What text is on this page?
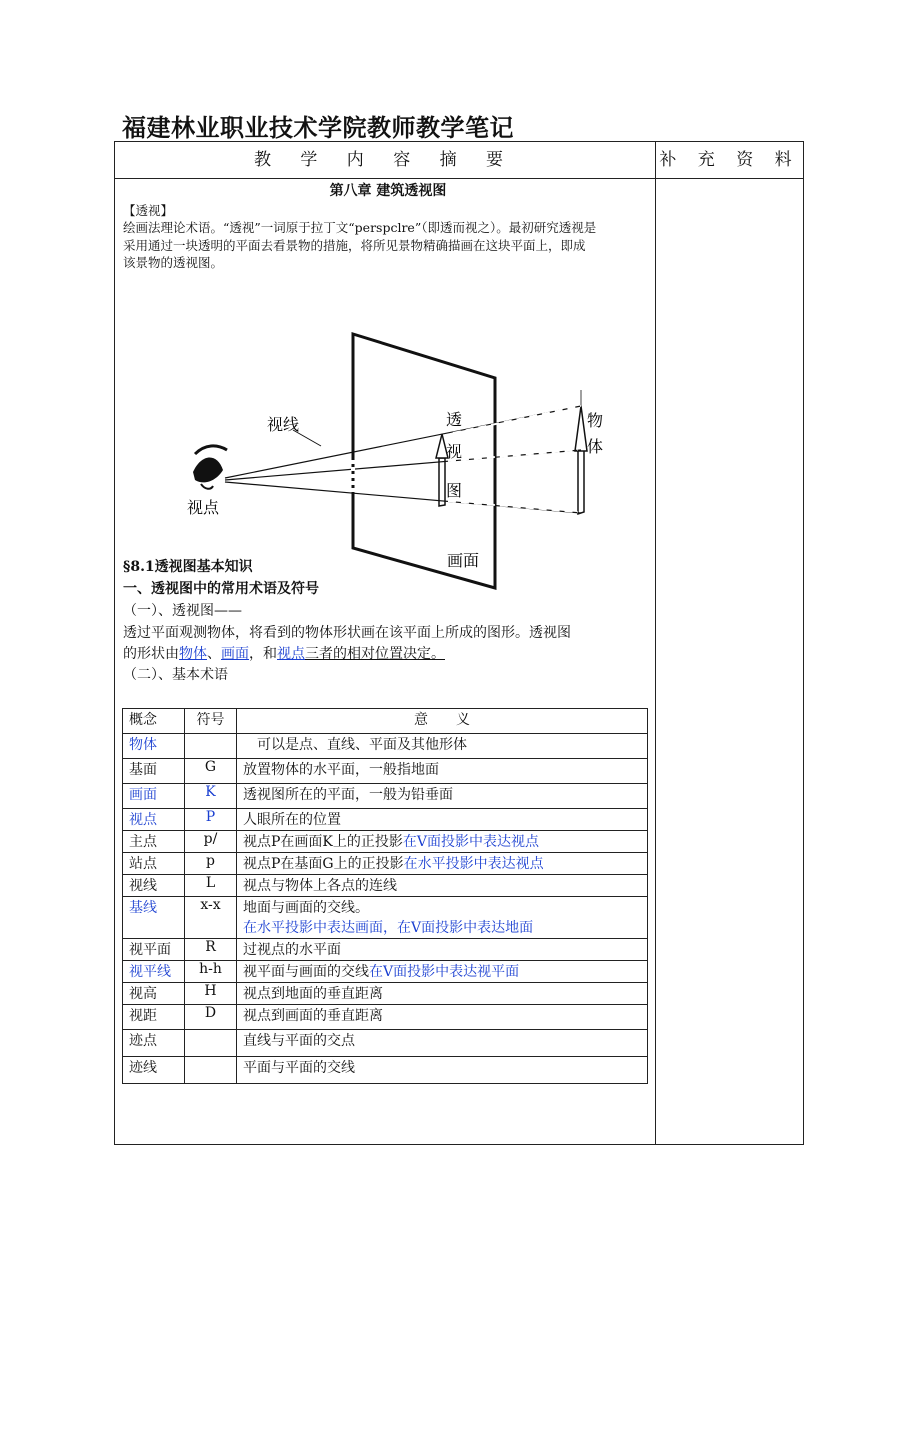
福建林业职业技术学院教师教学笔记
教 学 内 容 摘 要	补 充 资 料

第八章 建筑透视图

【透视】

绘画法理论术语。“透视”一词原于拉丁文“perspclre”（即透而视之）。最初研究透视是

采用通过一块透明的平面去看景物的措施，将所见景物精确描画在这块平面上，即成

该景物的透视图。

视线
视点
透
视
图
物
体
画面

§8.1透视图基本知识

一、透视图中的常用术语及符号

（一）、透视图——

透过平面观测物体，将看到的物体形状画在该平面上所成的图形。透视图

的形状由物体、画面，和视点三者的相对位置决定。

（二）、基本术语

概念	符号	意　　义
物体		　可以是点、直线、平面及其他形体
基面	G	放置物体的水平面，一般指地面
画面	K	透视图所在的平面，一般为铅垂面
视点	P	人眼所在的位置
主点	p/	视点P在画面K上的正投影在V面投影中表达视点
站点	p	视点P在基面G上的正投影在水平投影中表达视点
视线	L	视点与物体上各点的连线
基线	x-x	地面与画面的交线。
在水平投影中表达画面，在V面投影中表达地面

视平面	R	过视点的水平面
视平线	h-h	视平面与画面的交线在V面投影中表达视平面
视高	H	视点到地面的垂直距离
视距	D	视点到画面的垂直距离
迹点		直线与平面的交点
迹线		平面与平面的交线
